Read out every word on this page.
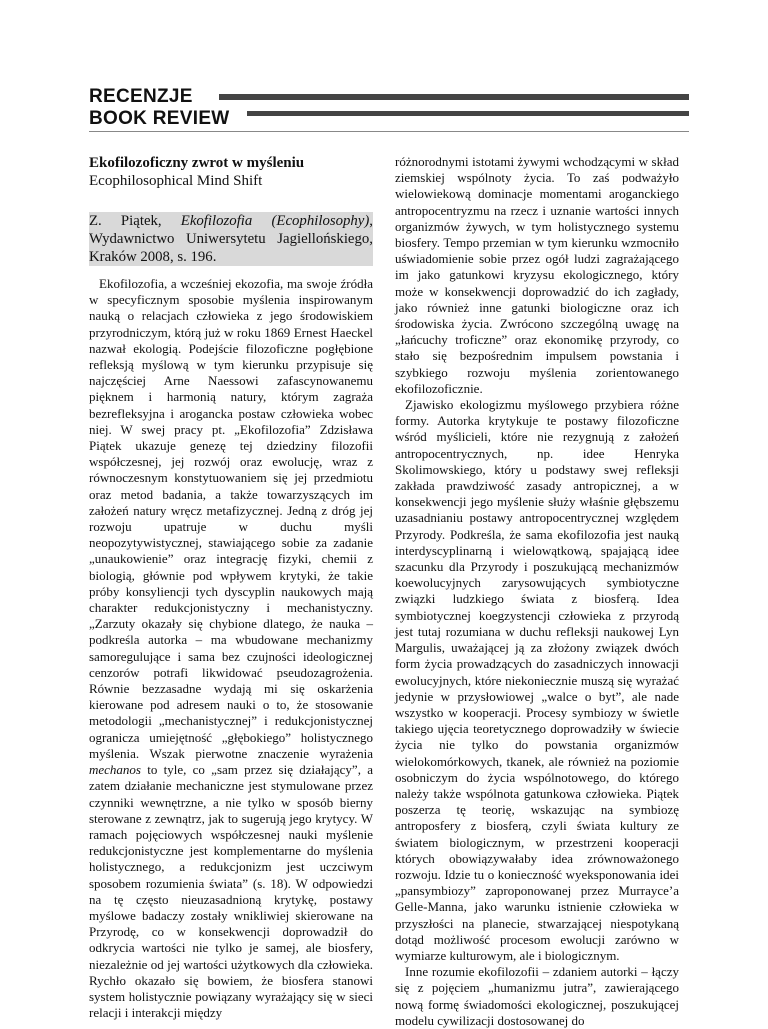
RECENZJE
BOOK REVIEW
Ekofilozoficzny zwrot w myśleniu
Ecophilosophical Mind Shift
Z. Piątek, Ekofilozofia (Ecophilosophy), Wydawnictwo Uniwersytetu Jagiellońskiego, Kraków 2008, s. 196.

Ekofilozofia, a wcześniej ekozofia, ma swoje źródła w specyficznym sposobie myślenia inspirowanym nauką o relacjach człowieka z jego środowiskiem przyrodniczym, którą już w roku 1869 Ernest Haeckel nazwał ekologią. Podejście filozoficzne pogłębione refleksją myślową w tym kierunku przypisuje się najczęściej Arne Naessowi zafascynowanemu pięknem i harmonią natury, którym zagraża bezrefleksyjna i arogancka postaw człowieka wobec niej. W swej pracy pt. „Ekofilozofia” Zdzisława Piątek ukazuje genezę tej dziedziny filozofii współczesnej, jej rozwój oraz ewolucję, wraz z równoczesnym konstytuowaniem się jej przedmiotu oraz metod badania, a także towarzyszących im założeń natury wręcz metafizycznej. Jedną z dróg jej rozwoju upatruje w duchu myśli neopozytywistycznej, stawiającego sobie za zadanie „unaukowienie” oraz integrację fizyki, chemii z biologią, głównie pod wpływem krytyki, że takie próby konsyliencji tych dyscyplin naukowych mają charakter redukcjonistyczny i mechanistyczny. „Zarzuty okazały się chybione dlatego, że nauka – podkreśla autorka – ma wbudowane mechanizmy samoregulujące i sama bez czujności ideologicznej cenzorów potrafi likwidować pseudozagrożenia. Równie bezzasadne wydają mi się oskarżenia kierowane pod adresem nauki o to, że stosowanie metodologii „mechanistycznej” i redukcjonistycznej ogranicza umiejętność „głębokiego” holistycznego myślenia. Wszak pierwotne znaczenie wyrażenia mechanos to tyle, co „sam przez się działający”, a zatem działanie mechaniczne jest stymulowane przez czynniki wewnętrzne, a nie tylko w sposób bierny sterowane z zewnątrz, jak to sugerują jego krytycy. W ramach pojęciowych współczesnej nauki myślenie redukcjonistyczne jest komplementarne do myślenia holistycznego, a redukcjonizm jest uczciwym sposobem rozumienia świata” (s. 18). W odpowiedzi na tę często nieuzasadnioną krytykę, postawy myślowe badaczy zostały wnikliwiej skierowane na Przyrodę, co w konsekwencji doprowadził do odkrycia wartości nie tylko je samej, ale biosfery, niezależnie od jej wartości użytkowych dla człowieka. Rychło okazało się bowiem, że biosfera stanowi system holistycznie powiązany wyrażający się w sieci relacji i interakcji między

różnorodnymi istotami żywymi wchodzącymi w skład ziemskiej wspólnoty życia. To zaś podważyło wielowiekową dominacje momentami aroganckiego antropocentryzmu na rzecz i uznanie wartości innych organizmów żywych, w tym holistycznego systemu biosfery. Tempo przemian w tym kierunku wzmocniło uświadomienie sobie przez ogół ludzi zagrażającego im jako gatunkowi kryzysu ekologicznego, który może w konsekwencji doprowadzić do ich zagłady, jako również inne gatunki biologiczne oraz ich środowiska życia. Zwrócono szczególną uwagę na „łańcuchy troficzne” oraz ekonomikę przyrody, co stało się bezpośrednim impulsem powstania i szybkiego rozwoju myślenia zorientowanego ekofilozoficznie.

Zjawisko ekologizmu myślowego przybiera różne formy. Autorka krytykuje te postawy filozoficzne wśród myślicieli, które nie rezygnują z założeń antropocentrycznych, np. idee Henryka Skolimowskiego, który u podstawy swej refleksji zakłada prawdziwość zasady antropicznej, a w konsekwencji jego myślenie służy właśnie głębszemu uzasadnianiu postawy antropocentrycznej względem Przyrody. Podkreśla, że sama ekofilozofia jest nauką interdyscyplinarną i wielowątkową, spajającą idee szacunku dla Przyrody i poszukującą mechanizmów koewolucyjnych zarysowujących symbiotyczne związki ludzkiego świata z biosferą. Idea symbiotycznej koegzystencji człowieka z przyrodą jest tutaj rozumiana w duchu refleksji naukowej Lyn Margulis, uważającej ją za złożony związek dwóch form życia prowadzących do zasadniczych innowacji ewolucyjnych, które niekoniecznie muszą się wyrażać jedynie w przysłowiowej „walce o byt”, ale nade wszystko w kooperacji. Procesy symbiozy w świetle takiego ujęcia teoretycznego doprowadziły w świecie życia nie tylko do powstania organizmów wielokomórkowych, tkanek, ale również na poziomie osobniczym do życia wspólnotowego, do którego należy także wspólnota gatunkowa człowieka. Piątek poszerza tę teorię, wskazując na symbiozę antroposfery z biosferą, czyli świata kultury ze światem biologicznym, w przestrzeni kooperacji których obowiązywałaby idea zrównoważonego rozwoju. Idzie tu o konieczność wyeksponowania idei „pansymbiozy” zaproponowanej przez Murrayce’a Gelle-Manna, jako warunku istnienie człowieka w przyszłości na planecie, stwarzającej niespotykaną dotąd możliwość procesom ewolucji zarówno w wymiarze kulturowym, ale i biologicznym.

Inne rozumie ekofilozofii – zdaniem autorki – łączy się z pojęciem „humanizmu jutra”, zawierającego nową formę świadomości ekologicznej, poszukującej modelu cywilizacji dostosowanej do
